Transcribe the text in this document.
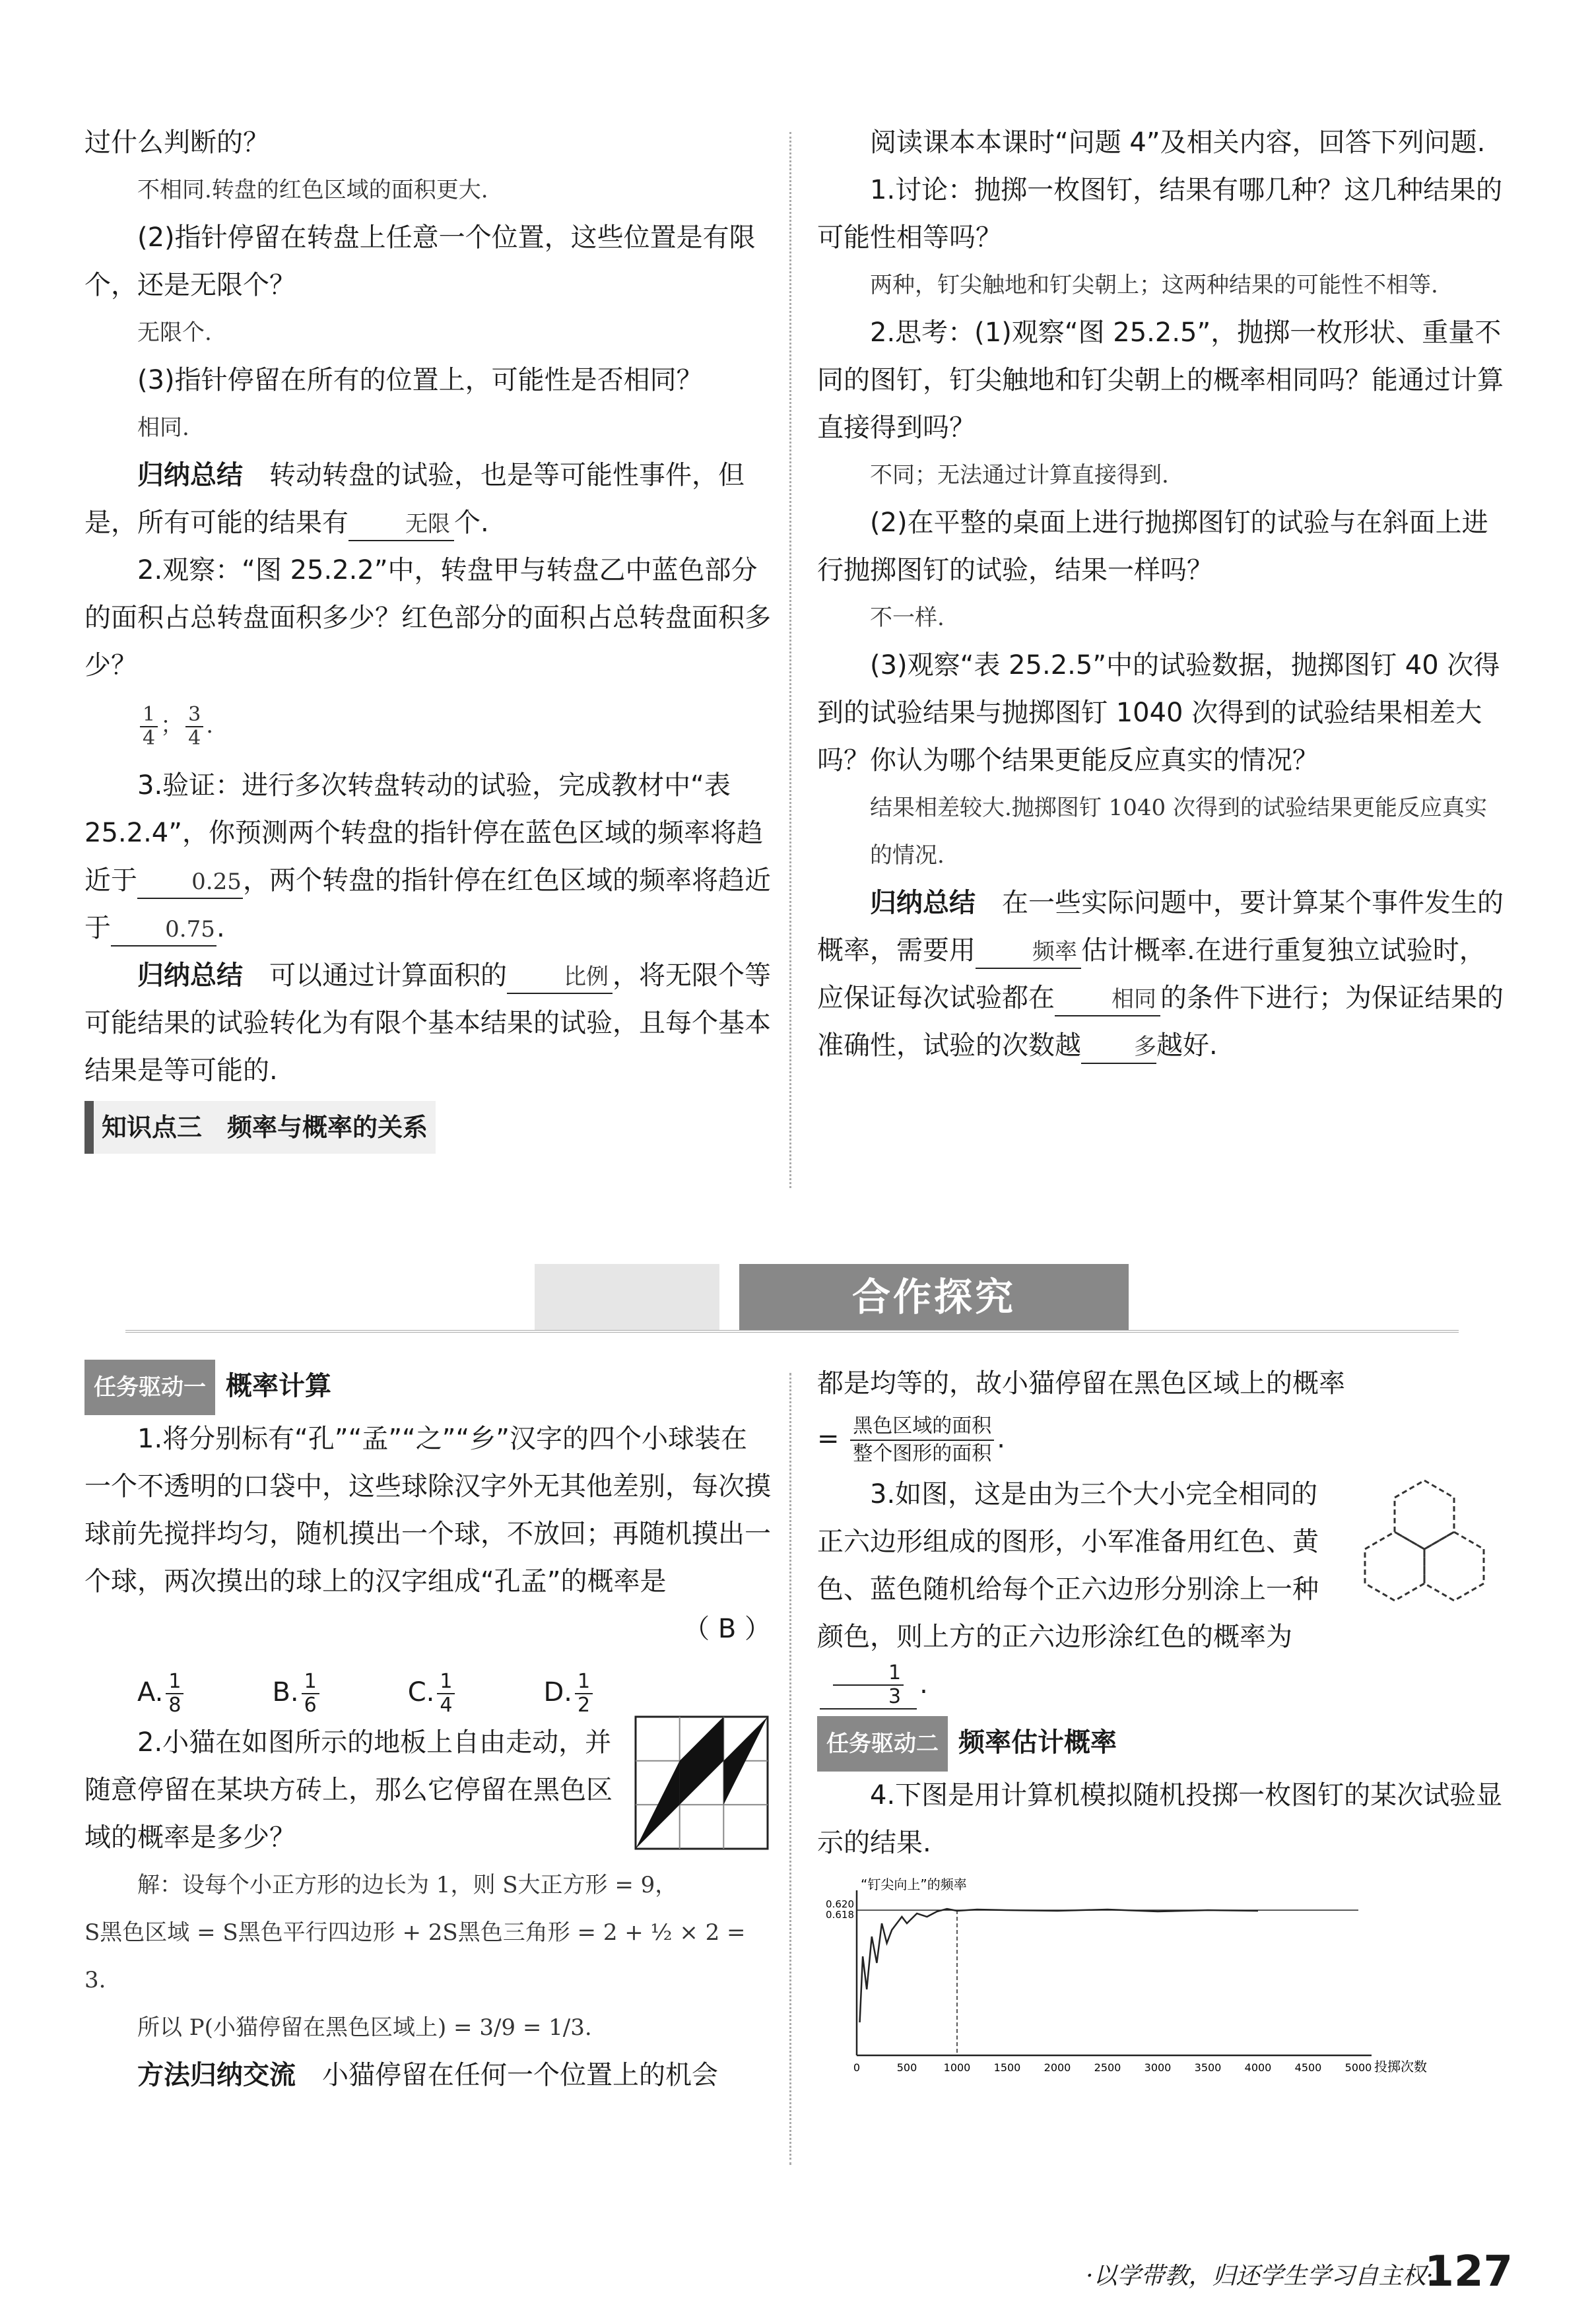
过什么判断的？

不相同.转盘的红色区域的面积更大.

(2)指针停留在转盘上任意一个位置，这些位置是有限个，还是无限个？

无限个.

(3)指针停留在所有的位置上，可能性是否相同？

相同.

归纳总结　 转动转盘的试验，也是等可能性事件，但是，所有可能的结果有	无限 个.

2.观察：“图 25.2.2”中，转盘甲与转盘乙中蓝色部分的面积占总转盘面积多少？红色部分的面积占总转盘面积多少？

$\frac{1}{4}$ ； $\frac{3}{4}$ .

3.验证：进行多次转盘转动的试验，完成教材中“表 25.2.4”，你预测两个转盘的指针停在蓝色区域的频率将趋近于 0.25，两个转盘的指针停在红色区域的频率将趋近于 0.75.

归纳总结　 可以通过计算面积的	比例 ，将无限个等可能结果的试验转化为有限个基本结果的试验，且每个基本结果是等可能的.

知识点三　频率与概率的关系

阅读课本本课时“问题 4”及相关内容，回答下列问题.

1.讨论：抛掷一枚图钉，结果有哪几种？这几种结果的可能性相等吗？

两种，钉尖触地和钉尖朝上；这两种结果的可能性不相等.

2.思考：(1)观察“图 25.2.5”，抛掷一枚形状、重量不同的图钉，钉尖触地和钉尖朝上的概率相同吗？能通过计算直接得到吗？

不同；无法通过计算直接得到.

(2)在平整的桌面上进行抛掷图钉的试验与在斜面上进行抛掷图钉的试验，结果一样吗？

不一样.

(3)观察“表 25.2.5”中的试验数据，抛掷图钉 40 次得到的试验结果与抛掷图钉 1040 次得到的试验结果相差大吗？你认为哪个结果更能反应真实的情况？

结果相差较大.抛掷图钉 1040 次得到的试验结果更能反应真实的情况.

归纳总结　 在一些实际问题中，要计算某个事件发生的概率，需要用	频率 估计概率.在进行重复独立试验时，应保证每次试验都在	相同 的条件下进行；为保证结果的准确性，试验的次数越 多越好.

合作探究

任务驱动一 概率计算

1.将分别标有“孔”“孟”“之”“乡”汉字的四个小球装在一个不透明的口袋中，这些球除汉字外无其他差别，每次摸球前先搅拌均匀，随机摸出一个球，不放回；再随机摸出一个球，两次摸出的球上的汉字组成“孔孟”的概率是

（ B ）

A. $\frac{1}{8}$	B. $\frac{1}{6}$	C. $\frac{1}{4}$	D. $\frac{1}{2}$

2.小猫在如图所示的地板上自由走动，并随意停留在某块方砖上，那么它停留在黑色区域的概率是多少？

解：设每个小正方形的边长为 1，则 S大正方形 = 9，

S黑色区域 = S黑色平行四边形 + 2S黑色三角形 = 2 + ½ × 2 = 3.

所以 P(小猫停留在黑色区域上) = 3/9 = 1/3.

方法归纳交流　 小猫停留在任何一个位置上的机会

都是均等的，故小猫停留在黑色区域上的概率

= $\frac{\text{黑色区域的面积}}{\text{整个图形的面积}}$ .

3.如图，这是由为三个大小完全相同的正六边形组成的图形，小军准备用红色、黄色、蓝色随机给每个正六边形分别涂上一种颜色，则上方的正六边形涂红色的概率为
$\frac{1}{3}$ .

任务驱动二 频率估计概率

4.下图是用计算机模拟随机投掷一枚图钉的某次试验显示的结果.

0	500	1000 1500 2000 2500 3000 3500 4000 4500 5000
0.620
0.618
“钉尖向上”的频率
投掷次数
·以学带教，归还学生学习自主权·
127
